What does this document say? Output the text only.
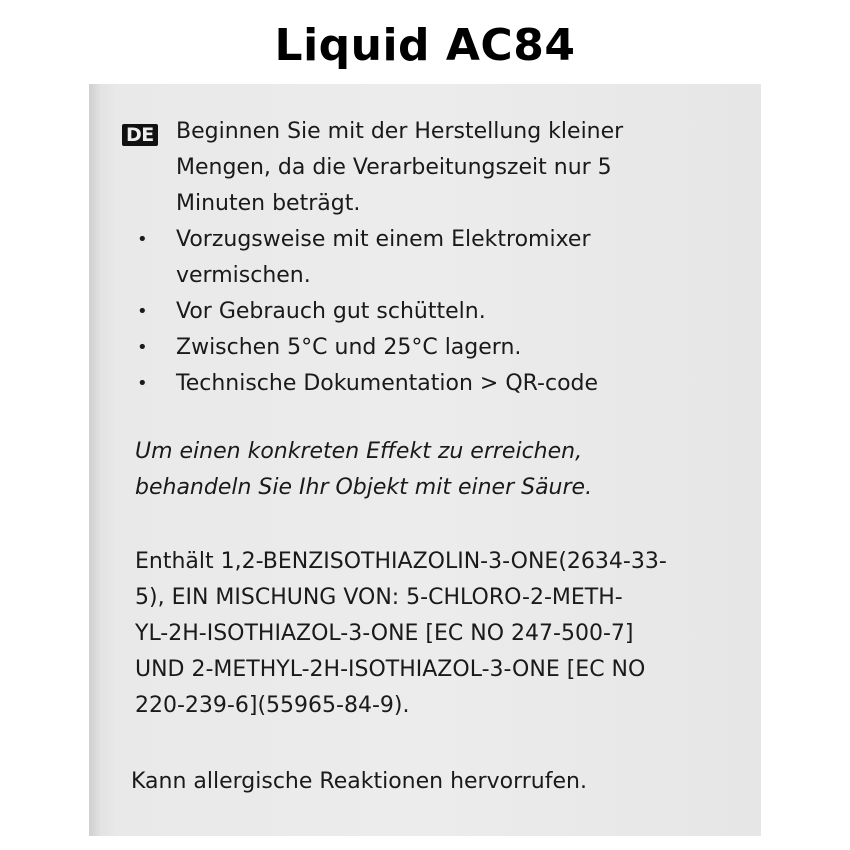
Liquid AC84
DE Beginnen Sie mit der Herstellung kleiner
Mengen, da die Verarbeitungszeit nur 5
Minuten beträgt.
• Vorzugsweise mit einem Elektromixer
vermischen.
• Vor Gebrauch gut schütteln.
• Zwischen 5°C und 25°C lagern.
• Technische Dokumentation > QR-code
Um einen konkreten Effekt zu erreichen,
behandeln Sie Ihr Objekt mit einer Säure.
Enthält 1,2-BENZISOTHIAZOLIN-3-ONE(2634-33-
5), EIN MISCHUNG VON: 5-CHLORO-2-METH-
YL-2H-ISOTHIAZOL-3-ONE [EC NO 247-500-7]
UND 2-METHYL-2H-ISOTHIAZOL-3-ONE [EC NO
220-239-6](55965-84-9).
Kann allergische Reaktionen hervorrufen.
